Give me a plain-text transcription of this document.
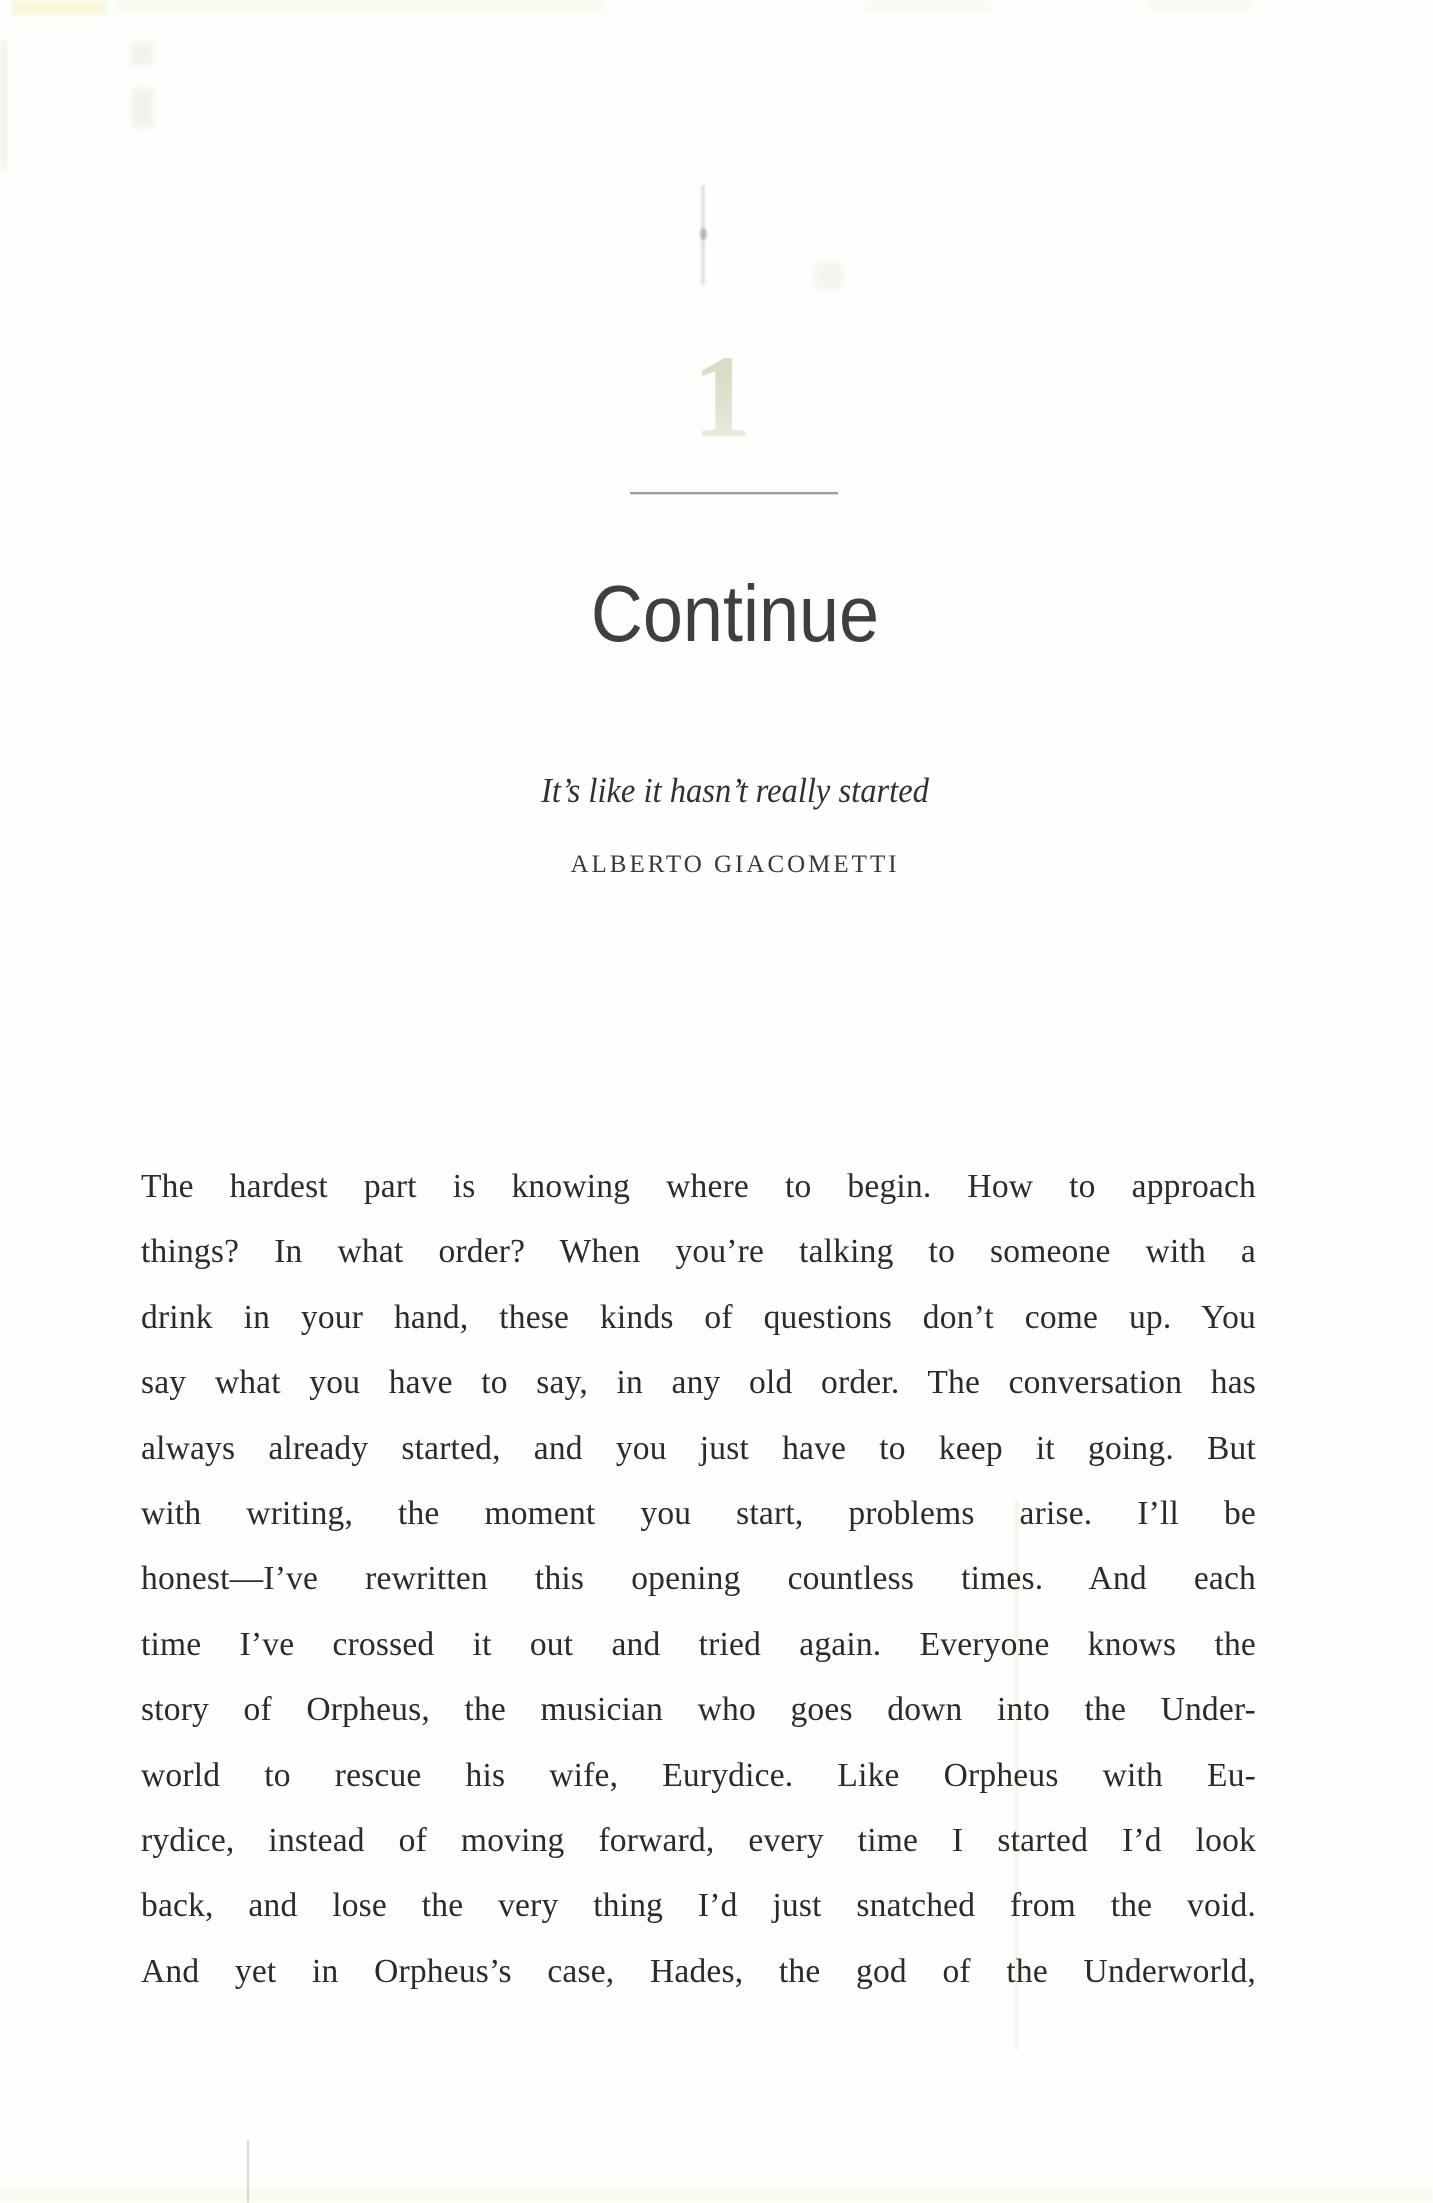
1
Continue
It’s like it hasn’t really started
ALBERTO GIACOMETTI
The hardest part is knowing where to begin. How to approach
things? In what order? When you’re talking to someone with a
drink in your hand, these kinds of questions don’t come up. You
say what you have to say, in any old order. The conversation has
always already started, and you just have to keep it going. But
with writing, the moment you start, problems arise. I’ll be
honest—I’ve rewritten this opening countless times. And each
time I’ve crossed it out and tried again. Everyone knows the
story of Orpheus, the musician who goes down into the Under-
world to rescue his wife, Eurydice. Like Orpheus with Eu-
rydice, instead of moving forward, every time I started I’d look
back, and lose the very thing I’d just snatched from the void.
And yet in Orpheus’s case, Hades, the god of the Underworld,
